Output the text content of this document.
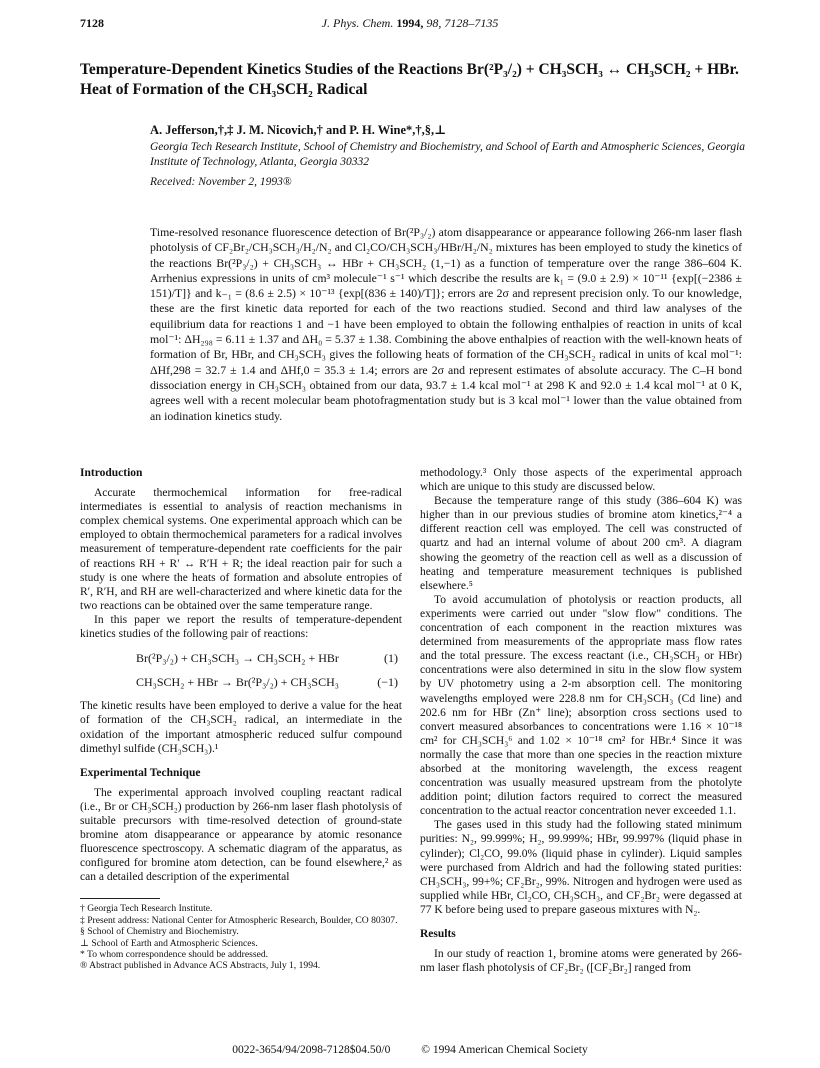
7128	J. Phys. Chem. 1994, 98, 7128–7135
Temperature-Dependent Kinetics Studies of the Reactions Br(²P₃/₂) + CH₃SCH₃ ↔ CH₃SCH₂ + HBr. Heat of Formation of the CH₃SCH₂ Radical
A. Jefferson,†,‡ J. M. Nicovich,† and P. H. Wine*,†,§,⊥
Georgia Tech Research Institute, School of Chemistry and Biochemistry, and School of Earth and Atmospheric Sciences, Georgia Institute of Technology, Atlanta, Georgia 30332
Received: November 2, 1993®

Time-resolved resonance fluorescence detection of Br(²P₃/₂) atom disappearance or appearance following 266-nm laser flash photolysis of CF₂Br₂/CH₃SCH₃/H₂/N₂ and Cl₂CO/CH₃SCH₃/HBr/H₂/N₂ mixtures has been employed to study the kinetics of the reactions Br(²P₃/₂) + CH₃SCH₃ ↔ HBr + CH₃SCH₂ (1,−1) as a function of temperature over the range 386–604 K. Arrhenius expressions in units of cm³ molecule⁻¹ s⁻¹ which describe the results are k₁ = (9.0 ± 2.9) × 10⁻¹¹ {exp[(−2386 ± 151)/T]} and k₋₁ = (8.6 ± 2.5) × 10⁻¹³ {exp[(836 ± 140)/T]}; errors are 2σ and represent precision only. To our knowledge, these are the first kinetic data reported for each of the two reactions studied. Second and third law analyses of the equilibrium data for reactions 1 and −1 have been employed to obtain the following enthalpies of reaction in units of kcal mol⁻¹: ΔH₂₉₈ = 6.11 ± 1.37 and ΔH₀ = 5.37 ± 1.38. Combining the above enthalpies of reaction with the well-known heats of formation of Br, HBr, and CH₃SCH₃ gives the following heats of formation of the CH₃SCH₂ radical in units of kcal mol⁻¹: ΔHf,298 = 32.7 ± 1.4 and ΔHf,0 = 35.3 ± 1.4; errors are 2σ and represent estimates of absolute accuracy. The C–H bond dissociation energy in CH₃SCH₃ obtained from our data, 93.7 ± 1.4 kcal mol⁻¹ at 298 K and 92.0 ± 1.4 kcal mol⁻¹ at 0 K, agrees well with a recent molecular beam photofragmentation study but is 3 kcal mol⁻¹ lower than the value obtained from an iodination kinetics study.

Introduction

Accurate thermochemical information for free-radical intermediates is essential to analysis of reaction mechanisms in complex chemical systems. One experimental approach which can be employed to obtain thermochemical parameters for a radical involves measurement of temperature-dependent rate coefficients for the pair of reactions RH + R′ ↔ R′H + R; the ideal reaction pair for such a study is one where the heats of formation and absolute entropies of R′, R′H, and RH are well-characterized and where kinetic data for the two reactions can be obtained over the same temperature range.

In this paper we report the results of temperature-dependent kinetics studies of the following pair of reactions:

Br(²P₃/₂) + CH₃SCH₃ → CH₃SCH₂ + HBr	(1)
CH₃SCH₂ + HBr → Br(²P₃/₂) + CH₃SCH₃	(−1)

The kinetic results have been employed to derive a value for the heat of formation of the CH₃SCH₂ radical, an intermediate in the oxidation of the important atmospheric reduced sulfur compound dimethyl sulfide (CH₃SCH₃).¹

Experimental Technique

The experimental approach involved coupling reactant radical (i.e., Br or CH₃SCH₂) production by 266-nm laser flash photolysis of suitable precursors with time-resolved detection of ground-state bromine atom disappearance or appearance by atomic resonance fluorescence spectroscopy. A schematic diagram of the apparatus, as configured for bromine atom detection, can be found elsewhere,² as can a detailed description of the experimental

† Georgia Tech Research Institute.
‡ Present address: National Center for Atmospheric Research, Boulder, CO 80307.
§ School of Chemistry and Biochemistry.
⊥ School of Earth and Atmospheric Sciences.
* To whom correspondence should be addressed.
® Abstract published in Advance ACS Abstracts, July 1, 1994.

methodology.³ Only those aspects of the experimental approach which are unique to this study are discussed below.

Because the temperature range of this study (386–604 K) was higher than in our previous studies of bromine atom kinetics,²⁻⁴ a different reaction cell was employed. The cell was constructed of quartz and had an internal volume of about 200 cm³. A diagram showing the geometry of the reaction cell as well as a discussion of heating and temperature measurement techniques is published elsewhere.⁵

To avoid accumulation of photolysis or reaction products, all experiments were carried out under "slow flow" conditions. The concentration of each component in the reaction mixtures was determined from measurements of the appropriate mass flow rates and the total pressure. The excess reactant (i.e., CH₃SCH₃ or HBr) concentrations were also determined in situ in the slow flow system by UV photometry using a 2-m absorption cell. The monitoring wavelengths employed were 228.8 nm for CH₃SCH₃ (Cd line) and 202.6 nm for HBr (Zn⁺ line); absorption cross sections used to convert measured absorbances to concentrations were 1.16 × 10⁻¹⁸ cm² for CH₃SCH₃⁶ and 1.02 × 10⁻¹⁸ cm² for HBr.⁴ Since it was normally the case that more than one species in the reaction mixture absorbed at the monitoring wavelength, the excess reagent concentration was usually measured upstream from the photolyte addition point; dilution factors required to correct the measured concentration to the actual reactor concentration never exceeded 1.1.

The gases used in this study had the following stated minimum purities: N₂, 99.999%; H₂, 99.999%; HBr, 99.997% (liquid phase in cylinder); Cl₂CO, 99.0% (liquid phase in cylinder). Liquid samples were purchased from Aldrich and had the following stated purities: CH₃SCH₃, 99+%; CF₂Br₂, 99%. Nitrogen and hydrogen were used as supplied while HBr, Cl₂CO, CH₃SCH₃, and CF₂Br₂ were degassed at 77 K before being used to prepare gaseous mixtures with N₂.

Results

In our study of reaction 1, bromine atoms were generated by 266-nm laser flash photolysis of CF₂Br₂ ([CF₂Br₂] ranged from

0022-3654/94/2098-7128$04.50/0	© 1994 American Chemical Society
